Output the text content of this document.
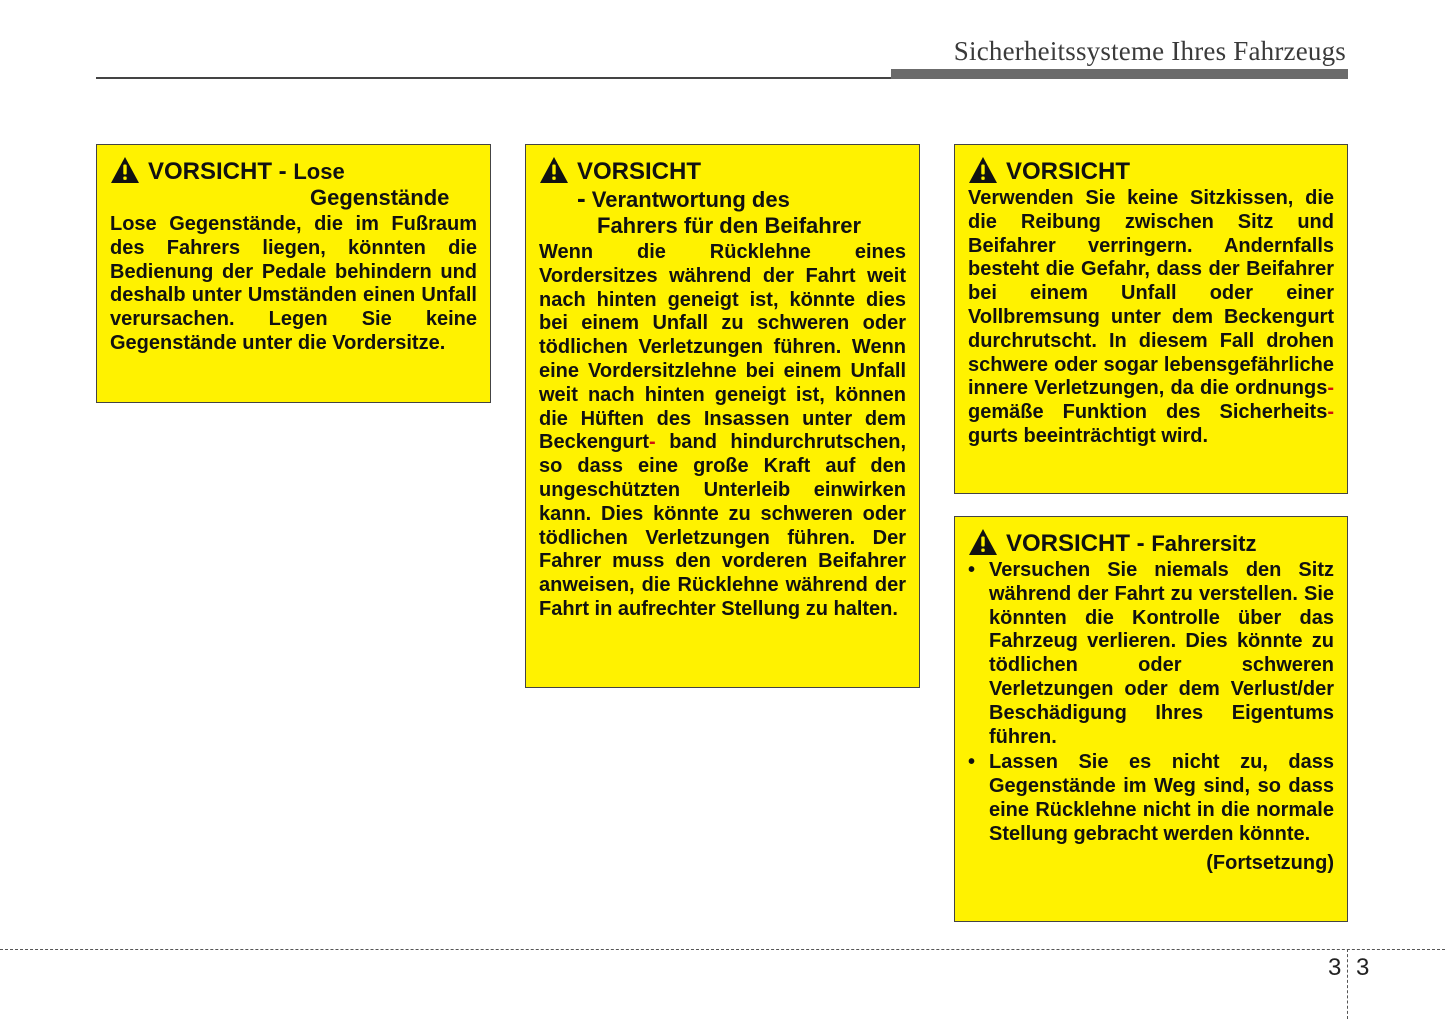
Sicherheitssysteme Ihres Fahrzeugs
VORSICHT - Lose
Gegenstände
Lose Gegenstände, die im Fußraum des Fahrers liegen, könnten die Bedienung der Pedale behindern und deshalb unter Umständen einen Unfall verursachen. Legen Sie keine Gegenstände unter die Vordersitze.
VORSICHT
- Verantwortung des
Fahrers für den Beifahrer
Wenn die Rücklehne eines Vordersitzes während der Fahrt weit nach hinten geneigt ist, könnte dies bei einem Unfall zu schweren oder tödlichen Verletzungen führen. Wenn eine Vordersitzlehne bei einem Unfall weit nach hinten geneigt ist, können die Hüften des Insassen unter dem Beckengurt- band hindurchrutschen, so dass eine große Kraft auf den ungeschützten Unterleib einwirken kann. Dies könnte zu schweren oder tödlichen Verletzungen führen. Der Fahrer muss den vorderen Beifahrer anweisen, die Rücklehne während der Fahrt in aufrechter Stellung zu halten.
VORSICHT
Verwenden Sie keine Sitzkissen, die die Reibung zwischen Sitz und Beifahrer verringern. Andernfalls besteht die Gefahr, dass der Beifahrer bei einem Unfall oder einer Vollbremsung unter dem Beckengurt durchrutscht. In diesem Fall drohen schwere oder sogar lebensgefährliche innere Verletzungen, da die ordnungs- gemäße Funktion des Sicherheits- gurts beeinträchtigt wird.
VORSICHT -
Fahrersitz
• Versuchen Sie niemals den Sitz während der Fahrt zu verstellen. Sie könnten die Kontrolle über das Fahrzeug verlieren. Dies könnte zu tödlichen oder schweren Verletzungen oder dem Verlust/der Beschädigung Ihres Eigentums führen.
• Lassen Sie es nicht zu, dass Gegenstände im Weg sind, so dass eine Rücklehne nicht in die normale Stellung gebracht werden könnte.
(Fortsetzung)
3 3
